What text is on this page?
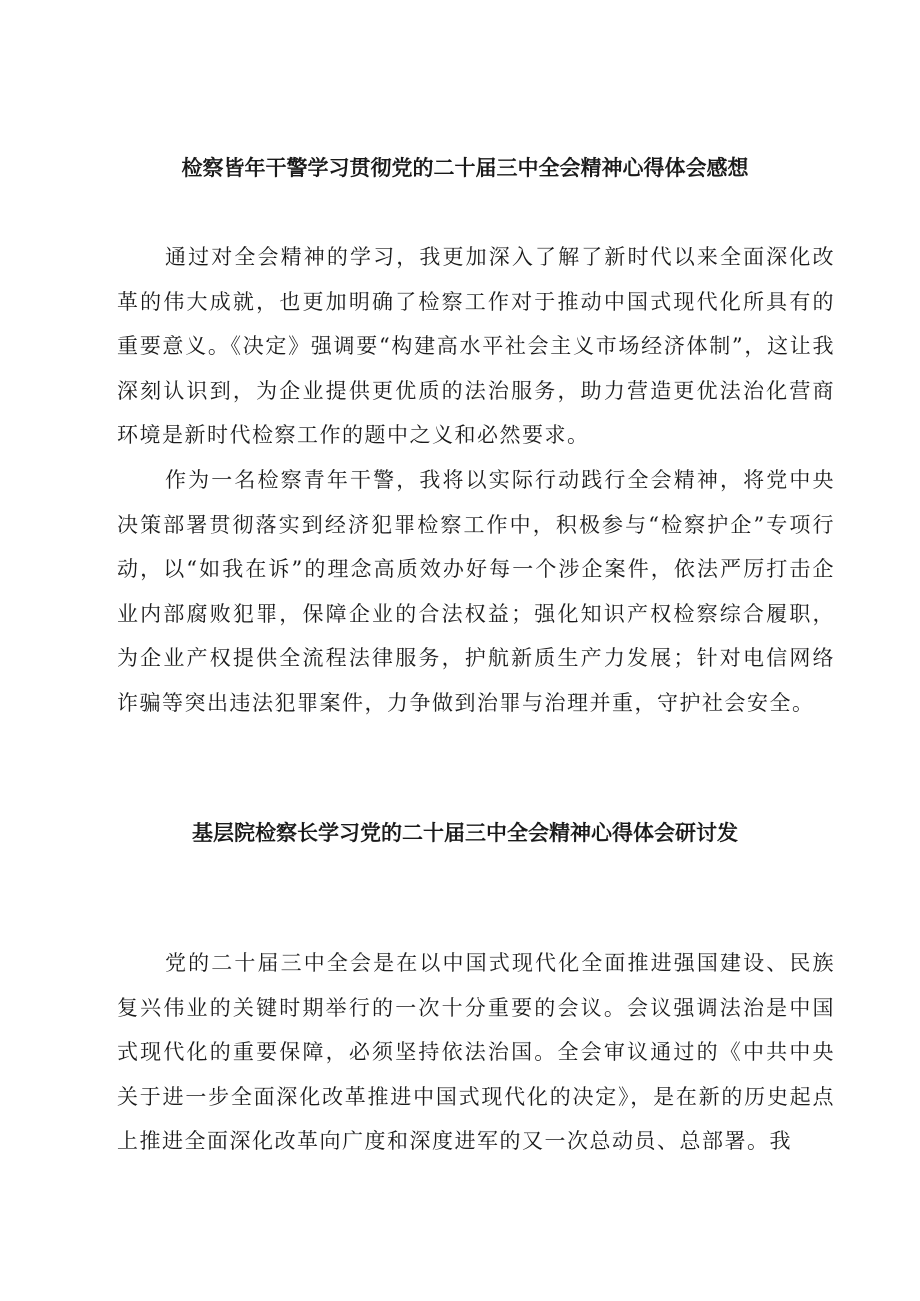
检察皆年干警学习贯彻党的二十届三中全会精神心得体会感想

通过对全会精神的学习，我更加深入了解了新时代以来全面深化改革的伟大成就，也更加明确了检察工作对于推动中国式现代化所具有的重要意义。《决定》强调要“构建高水平社会主义市场经济体制”，这让我深刻认识到，为企业提供更优质的法治服务，助力营造更优法治化营商环境是新时代检察工作的题中之义和必然要求。

作为一名检察青年干警，我将以实际行动践行全会精神，将党中央决策部署贯彻落实到经济犯罪检察工作中，积极参与“检察护企”专项行动，以“如我在诉”的理念高质效办好每一个涉企案件，依法严厉打击企业内部腐败犯罪，保障企业的合法权益；强化知识产权检察综合履职，为企业产权提供全流程法律服务，护航新质生产力发展；针对电信网络诈骗等突出违法犯罪案件，力争做到治罪与治理并重，守护社会安全。

基层院检察长学习党的二十届三中全会精神心得体会研讨发

党的二十届三中全会是在以中国式现代化全面推进强国建设、民族复兴伟业的关键时期举行的一次十分重要的会议。会议强调法治是中国式现代化的重要保障，必须坚持依法治国。全会审议通过的《中共中央关于进一步全面深化改革推进中国式现代化的决定》，是在新的历史起点上推进全面深化改革向广度和深度进军的又一次总动员、总部署。我
